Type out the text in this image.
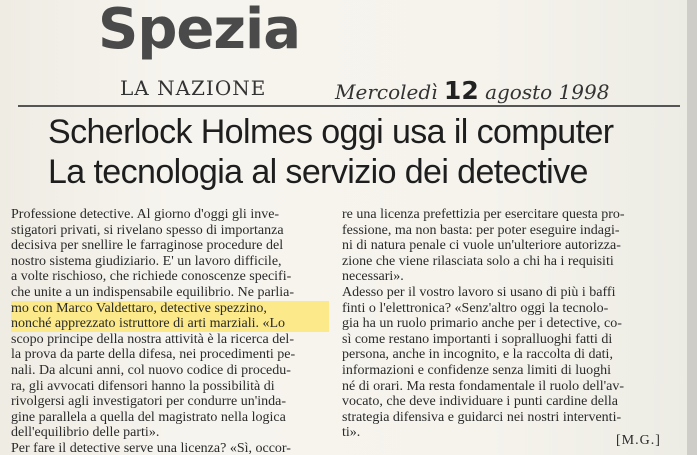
Spezia
LA NAZIONE	Mercoledì 12 agosto 1998
Scherlock Holmes oggi usa il computer
La tecnologia al servizio dei detective
Professione detective. Al giorno d'oggi gli inve-
stigatori privati, si rivelano spesso di importanza
decisiva per snellire le farraginose procedure del
nostro sistema giudiziario. E' un lavoro difficile,
a volte rischioso, che richiede conoscenze specifi-
che unite a un indispensabile equilibrio. Ne parlia-
mo con Marco Valdettaro, detective spezzino,
nonché apprezzato istruttore di arti marziali. «Lo
scopo principe della nostra attività è la ricerca del-
la prova da parte della difesa, nei procedimenti pe-
nali. Da alcuni anni, col nuovo codice di procedu-
ra, gli avvocati difensori hanno la possibilità di
rivolgersi agli investigatori per condurre un'inda-
gine parallela a quella del magistrato nella logica
dell'equilibrio delle parti».
Per fare il detective serve una licenza? «Sì, occor-
re una licenza prefettizia per esercitare questa pro-
fessione, ma non basta: per poter eseguire indagi-
ni di natura penale ci vuole un'ulteriore autorizza-
zione che viene rilasciata solo a chi ha i requisiti
necessari».
Adesso per il vostro lavoro si usano di più i baffi
finti o l'elettronica? «Senz'altro oggi la tecnolo-
gia ha un ruolo primario anche per i detective, co-
sì come restano importanti i sopralluoghi fatti di
persona, anche in incognito, e la raccolta di dati,
informazioni e confidenze senza limiti di luoghi
né di orari. Ma resta fondamentale il ruolo dell'av-
vocato, che deve individuare i punti cardine della
strategia difensiva e guidarci nei nostri interventi-
ti».
[M.G.]
